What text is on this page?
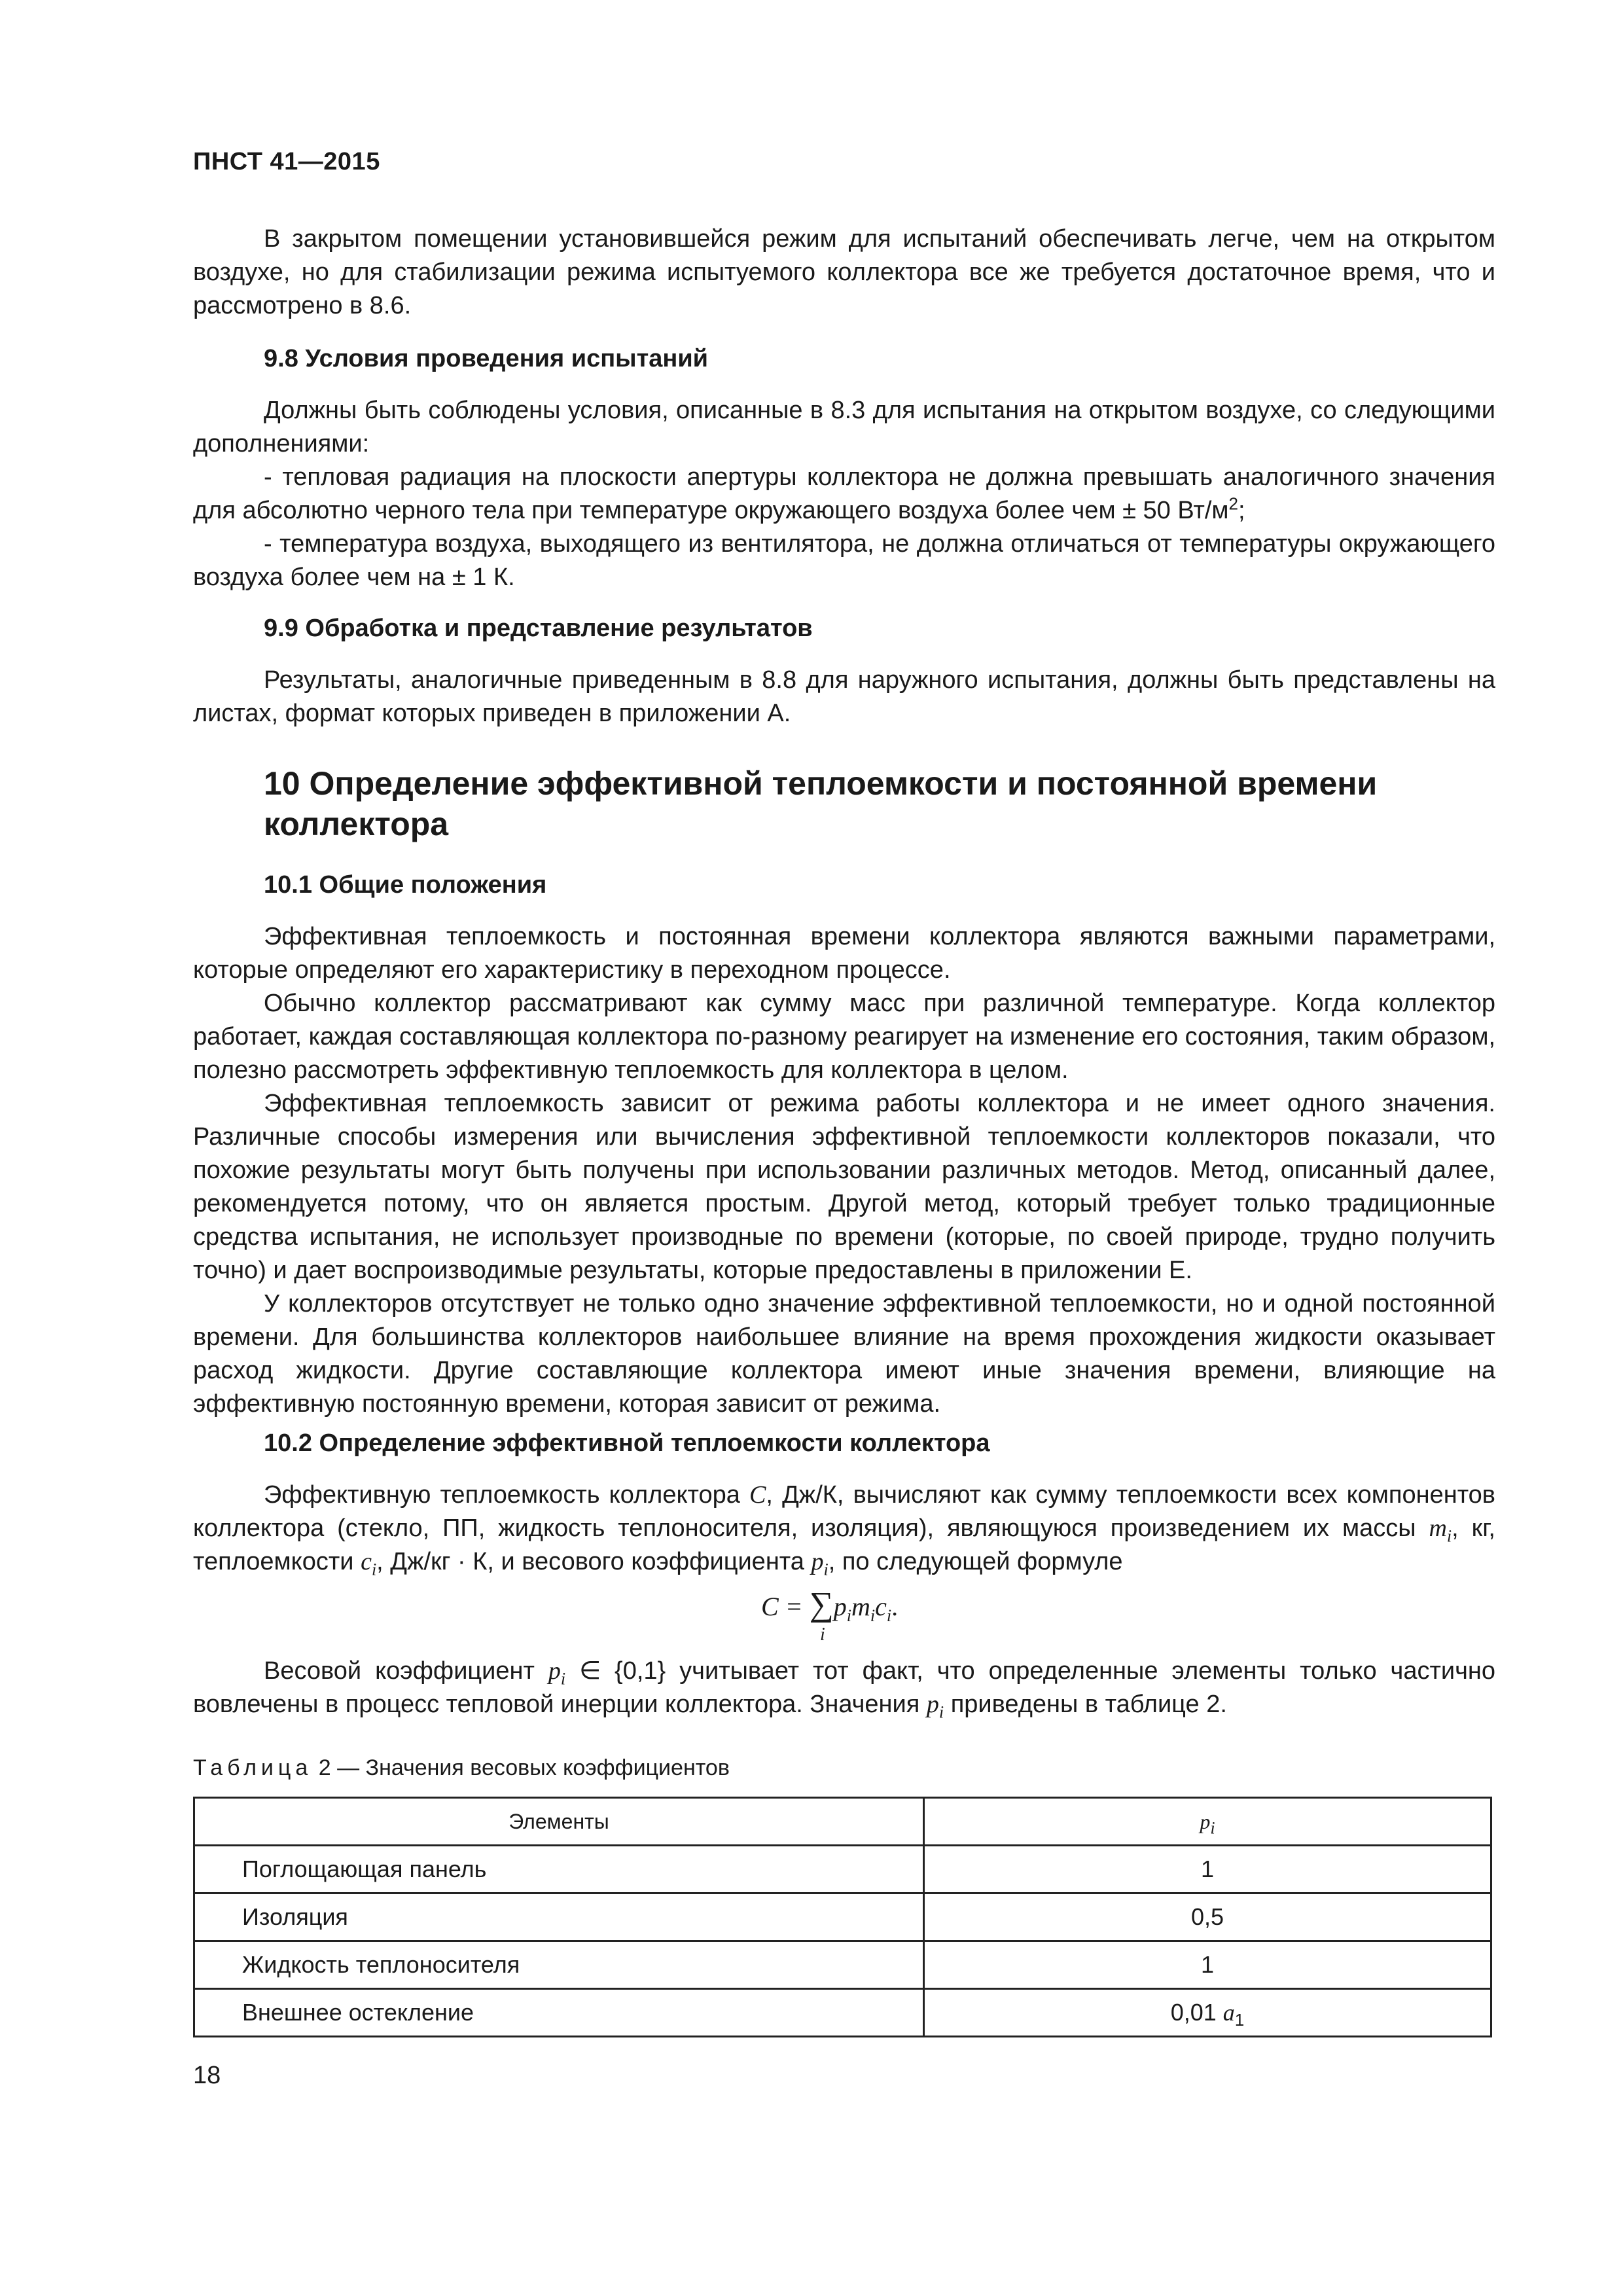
ПНСТ 41—2015

В закрытом помещении установившейся режим для испытаний обеспечивать легче, чем на открытом воздухе, но для стабилизации режима испытуемого коллектора все же требуется достаточное время, что и рассмотрено в 8.6.

9.8 Условия проведения испытаний

Должны быть соблюдены условия, описанные в 8.3 для испытания на открытом воздухе, со следующими дополнениями:

- тепловая радиация на плоскости апертуры коллектора не должна превышать аналогичного значения для абсолютно черного тела при температуре окружающего воздуха более чем ± 50 $Вт/м^2$;

- температура воздуха, выходящего из вентилятора, не должна отличаться от температуры окружающего воздуха более чем на ± 1 К.

9.9 Обработка и представление результатов

Результаты, аналогичные приведенным в 8.8 для наружного испытания, должны быть представлены на листах, формат которых приведен в приложении А.

10 Определение эффективной теплоемкости и постоянной времени коллектора

10.1 Общие положения

Эффективная теплоемкость и постоянная времени коллектора являются важными параметрами, которые определяют его характеристику в переходном процессе.

Обычно коллектор рассматривают как сумму масс при различной температуре. Когда коллектор работает, каждая составляющая коллектора по-разному реагирует на изменение его состояния, таким образом, полезно рассмотреть эффективную теплоемкость для коллектора в целом.

Эффективная теплоемкость зависит от режима работы коллектора и не имеет одного значения. Различные способы измерения или вычисления эффективной теплоемкости коллекторов показали, что похожие результаты могут быть получены при использовании различных методов. Метод, описанный далее, рекомендуется потому, что он является простым. Другой метод, который требует только традиционные средства испытания, не использует производные по времени (которые, по своей природе, трудно получить точно) и дает воспроизводимые результаты, которые предоставлены в приложении Е.

У коллекторов отсутствует не только одно значение эффективной теплоемкости, но и одной постоянной времени. Для большинства коллекторов наибольшее влияние на время прохождения жидкости оказывает расход жидкости. Другие составляющие коллектора имеют иные значения времени, влияющие на эффективную постоянную времени, которая зависит от режима.

10.2 Определение эффективной теплоемкости коллектора

Эффективную теплоемкость коллектора C, Дж/К, вычисляют как сумму теплоемкости всех компонентов коллектора (стекло, ПП, жидкость теплоносителя, изоляция), являющуюся произведением их массы $m_i$, кг, теплоемкости $c_i$, Дж/кг · К, и весового коэффициента $p_i$, по следующей формуле

$C = \sum p_im_ic_i$.
i

Весовой коэффициент $p_i$ ∈ {0,1} учитывает тот факт, что определенные элементы только частично вовлечены в процесс тепловой инерции коллектора. Значения $p_i$ приведены в таблице 2.

Таблица 2 — Значения весовых коэффициентов
Элементы	$p_i$
Поглощающая панель	1
Изоляция	0,5
Жидкость теплоносителя	1
Внешнее остекление	0,01 $a_1$
18
